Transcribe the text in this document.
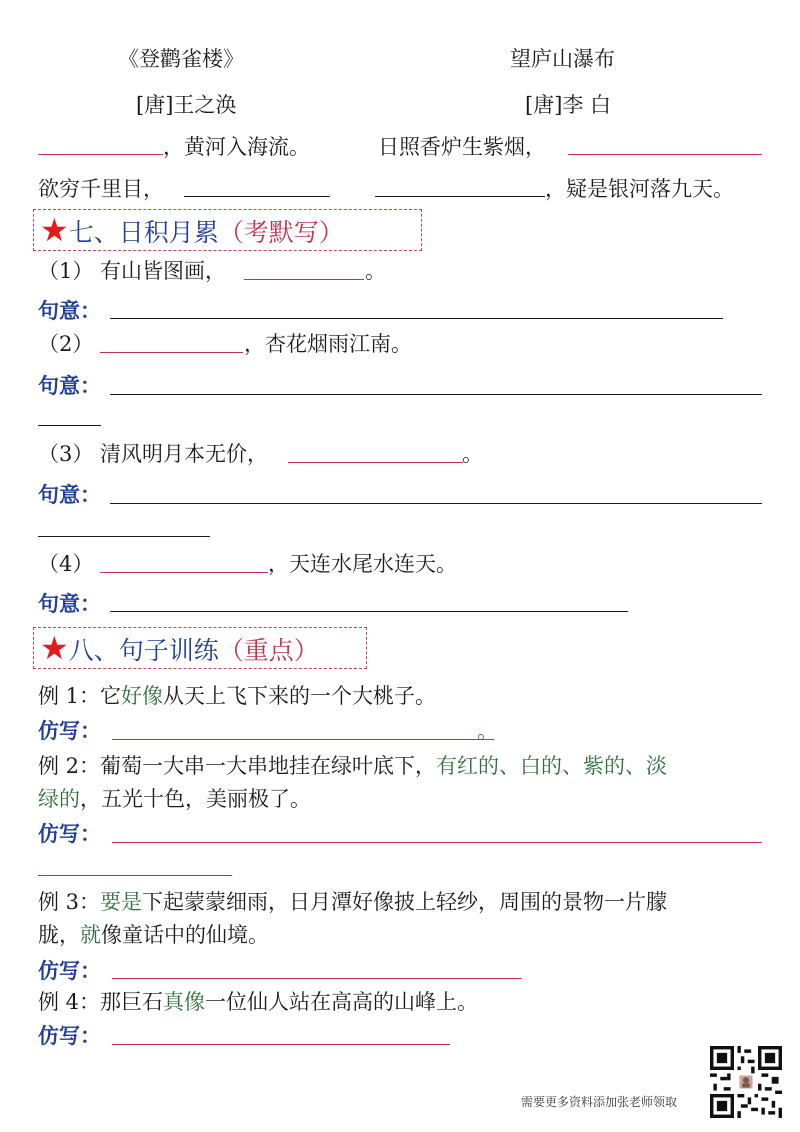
《登鹳雀楼》	望庐山瀑布
[唐]王之涣	[唐]李 白
，黄河入海流。	日照香炉生紫烟，
欲穷千里目，	，疑是银河落九天。
★七、日积月累（考默写）
（1） 有山皆图画，	。
句意：
（2）	，杏花烟雨江南。
句意：
（3） 清风明月本无价，	。
句意：
（4）	，天连水尾水连天。
句意：
★八、句子训练（重点）
例 1：它好像从天上飞下来的一个大桃子。
仿写：	。
例 2：葡萄一大串一大串地挂在绿叶底下，有红的、白的、紫的、淡
绿的，五光十色，美丽极了。
仿写：
例 3：要是下起蒙蒙细雨，日月潭好像披上轻纱，周围的景物一片朦
胧，就像童话中的仙境。
仿写：
例 4：那巨石真像一位仙人站在高高的山峰上。
仿写：
需要更多资料添加张老师领取
